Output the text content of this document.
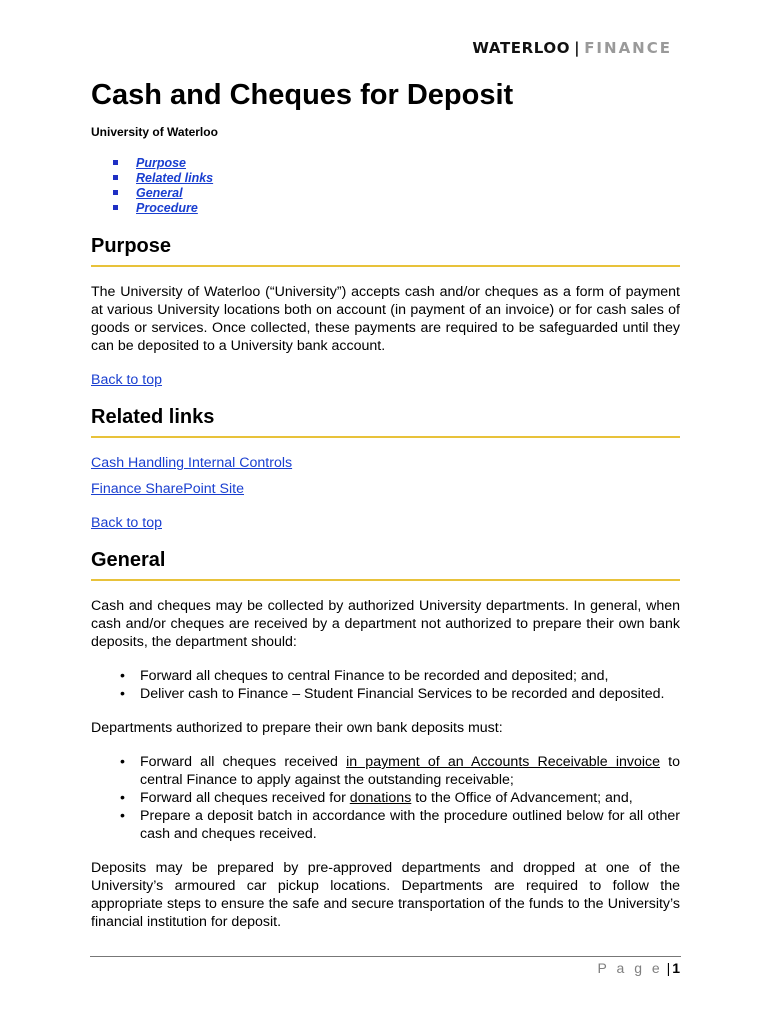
WATERLOO | FINANCE
Cash and Cheques for Deposit
University of Waterloo
Purpose
Related links
General
Procedure
Purpose

The University of Waterloo (“University”) accepts cash and/or cheques as a form of payment at various University locations both on account (in payment of an invoice) or for cash sales of goods or services. Once collected, these payments are required to be safeguarded until they can be deposited to a University bank account.

Back to top

Related links

Cash Handling Internal Controls

Finance SharePoint Site

Back to top

General

Cash and cheques may be collected by authorized University departments. In general, when cash and/or cheques are received by a department not authorized to prepare their own bank deposits, the department should:

• Forward all cheques to central Finance to be recorded and deposited; and,
• Deliver cash to Finance – Student Financial Services to be recorded and deposited.

Departments authorized to prepare their own bank deposits must:

• Forward all cheques received in payment of an Accounts Receivable invoice to central Finance to apply against the outstanding receivable;
• Forward all cheques received for donations to the Office of Advancement; and,
• Prepare a deposit batch in accordance with the procedure outlined below for all other cash and cheques received.

Deposits may be prepared by pre-approved departments and dropped at one of the University’s armoured car pickup locations. Departments are required to follow the appropriate steps to ensure the safe and secure transportation of the funds to the University’s financial institution for deposit.

P a g e | 1
